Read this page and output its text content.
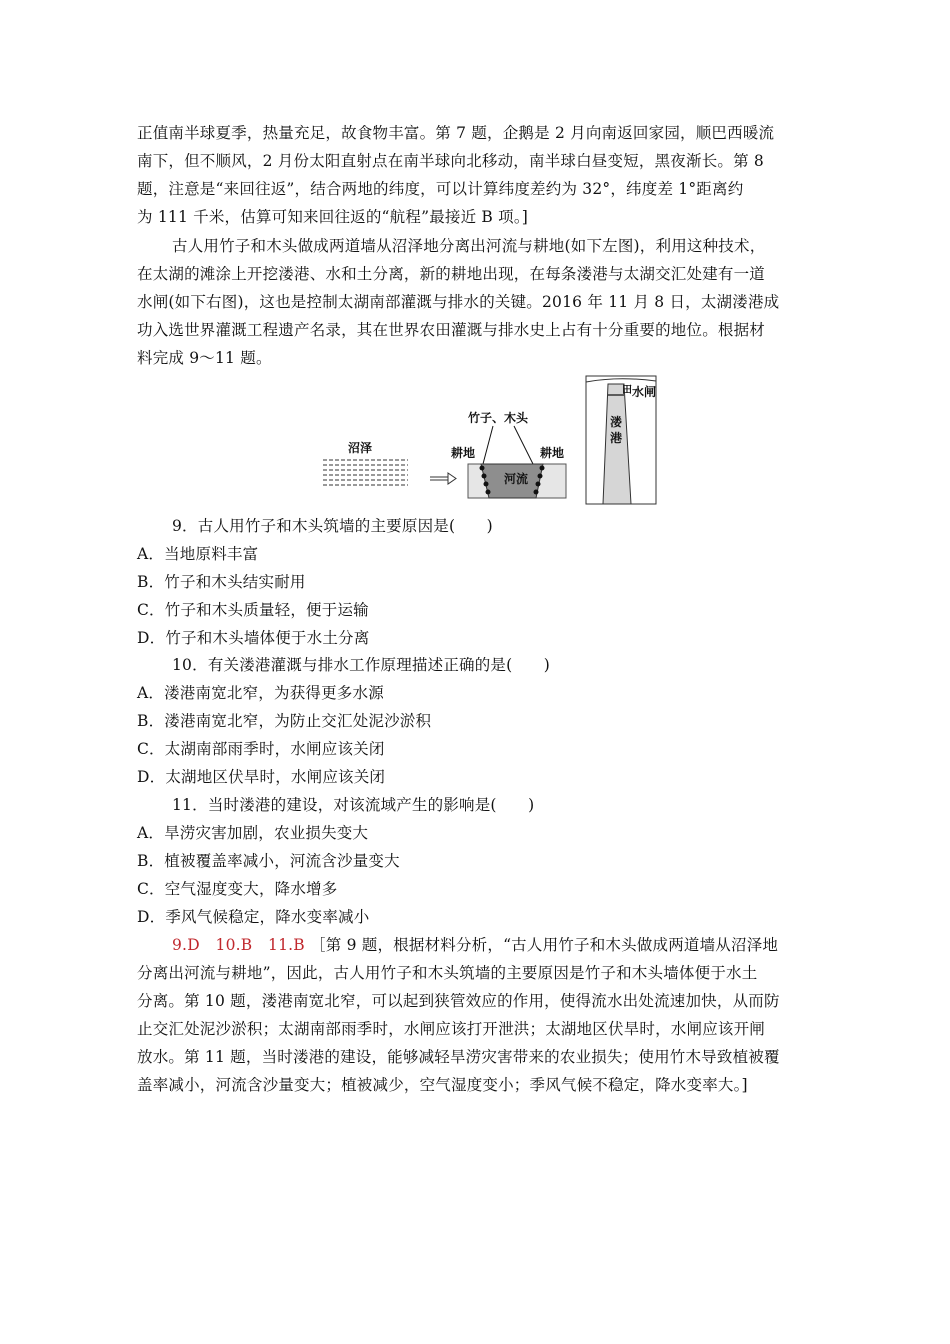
正值南半球夏季，热量充足，故食物丰富。第 7 题，企鹅是 2 月向南返回家园，顺巴西暖流
南下，但不顺风，2 月份太阳直射点在南半球向北移动，南半球白昼变短，黑夜渐长。第 8
题，注意是“来回往返”，结合两地的纬度，可以计算纬度差约为 32°，纬度差 1°距离约
为 111 千米，估算可知来回往返的“航程”最接近 B 项。]
古人用竹子和木头做成两道墙从沼泽地分离出河流与耕地(如下左图)，利用这种技术，
在太湖的滩涂上开挖溇港、水和土分离，新的耕地出现，在每条溇港与太湖交汇处建有一道
水闸(如下右图)，这也是控制太湖南部灌溉与排水的关键。2016 年 11 月 8 日，太湖溇港成
功入选世界灌溉工程遗产名录，其在世界农田灌溉与排水史上占有十分重要的地位。根据材
料完成 9～11 题。
沼泽
竹子、木头
耕地	耕地
河流
田 水闸
溇
港
9．古人用竹子和木头筑墙的主要原因是(　　)
A．当地原料丰富
B．竹子和木头结实耐用
C．竹子和木头质量轻，便于运输
D．竹子和木头墙体便于水土分离
10．有关溇港灌溉与排水工作原理描述正确的是(　　)
A．溇港南宽北窄，为获得更多水源
B．溇港南宽北窄，为防止交汇处泥沙淤积
C．太湖南部雨季时，水闸应该关闭
D．太湖地区伏旱时，水闸应该关闭
11．当时溇港的建设，对该流域产生的影响是(　　)
A．旱涝灾害加剧，农业损失变大
B．植被覆盖率减小，河流含沙量变大
C．空气湿度变大，降水增多
D．季风气候稳定，降水变率减小
9.D　10.B　11.B ［第 9 题，根据材料分析，“古人用竹子和木头做成两道墙从沼泽地
分离出河流与耕地”，因此，古人用竹子和木头筑墙的主要原因是竹子和木头墙体便于水土
分离。第 10 题，溇港南宽北窄，可以起到狭管效应的作用，使得流水出处流速加快，从而防
止交汇处泥沙淤积；太湖南部雨季时，水闸应该打开泄洪；太湖地区伏旱时，水闸应该开闸
放水。第 11 题，当时溇港的建设，能够减轻旱涝灾害带来的农业损失；使用竹木导致植被覆
盖率减小，河流含沙量变大；植被减少，空气湿度变小；季风气候不稳定，降水变率大。]
